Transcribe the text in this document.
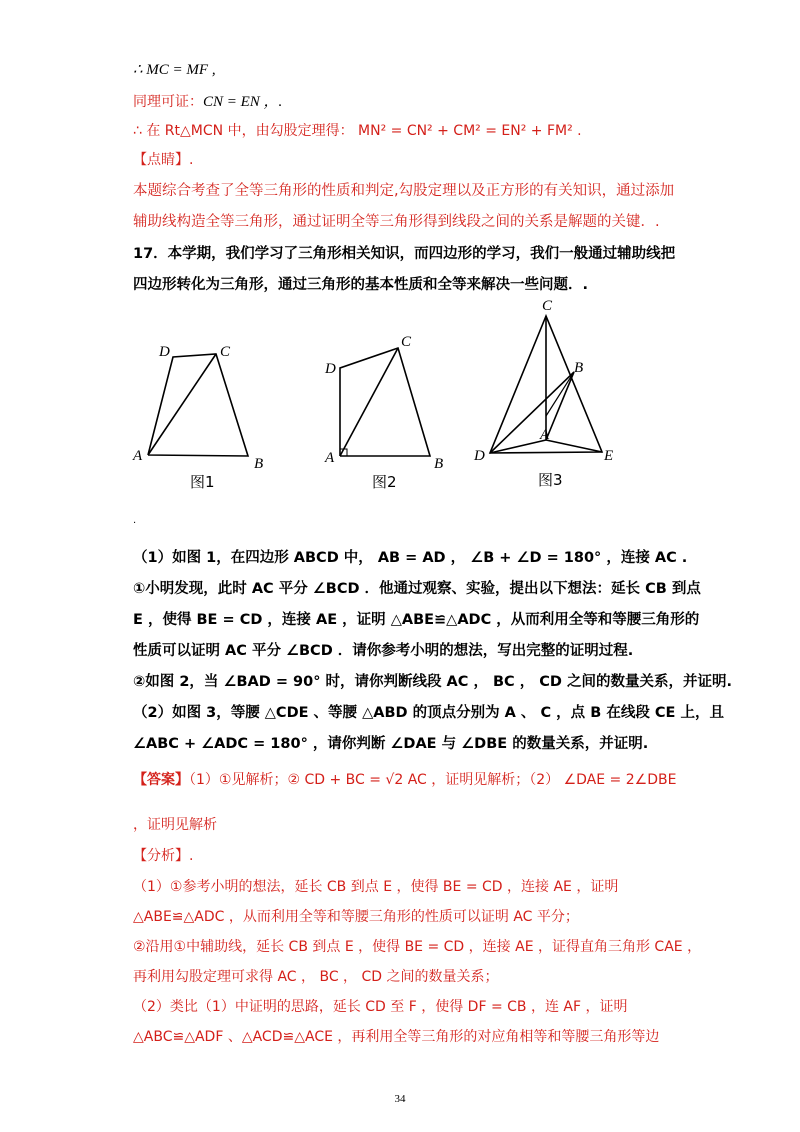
∴ MC = MF ,
同理可证：CN = EN ，.
∴ 在 Rt△MCN 中，由勾股定理得： MN² = CN² + CM² = EN² + FM² .
【点睛】.
本题综合考查了全等三角形的性质和判定,勾股定理以及正方形的有关知识，通过添加
辅助线构造全等三角形，通过证明全等三角形得到线段之间的关系是解题的关键．.
17．本学期，我们学习了三角形相关知识，而四边形的学习，我们一般通过辅助线把
四边形转化为三角形，通过三角形的基本性质和全等来解决一些问题．.
D	C
A	B
图1
D
C
A	B
图2
C
B
A
D	E
图3
.
（1）如图 1，在四边形 ABCD 中， AB = AD ， ∠B + ∠D = 180° ，连接 AC .
①小明发现，此时 AC 平分 ∠BCD ．他通过观察、实验，提出以下想法：延长 CB 到点
E ，使得 BE = CD ，连接 AE ，证明 △ABE≌△ADC ，从而利用全等和等腰三角形的
性质可以证明 AC 平分 ∠BCD ．请你参考小明的想法，写出完整的证明过程.
②如图 2，当 ∠BAD = 90° 时，请你判断线段 AC ， BC ， CD 之间的数量关系，并证明.
（2）如图 3，等腰 △CDE 、等腰 △ABD 的顶点分别为 A 、 C ，点 B 在线段 CE 上，且
∠ABC + ∠ADC = 180° ，请你判断 ∠DAE 与 ∠DBE 的数量关系，并证明.
【答案】（1）①见解析；② CD + BC = √2 AC ，证明见解析；（2） ∠DAE = 2∠DBE
，证明见解析
【分析】.
（1）①参考小明的想法，延长 CB 到点 E ，使得 BE = CD ，连接 AE ，证明
△ABE≌△ADC ，从而利用全等和等腰三角形的性质可以证明 AC 平分；
②沿用①中辅助线，延长 CB 到点 E ，使得 BE = CD ，连接 AE ，证得直角三角形 CAE ，
再利用勾股定理可求得 AC ， BC ， CD 之间的数量关系；
（2）类比（1）中证明的思路，延长 CD 至 F ，使得 DF = CB ，连 AF ，证明
△ABC≌△ADF 、△ACD≌△ACE ，再利用全等三角形的对应角相等和等腰三角形等边
34
